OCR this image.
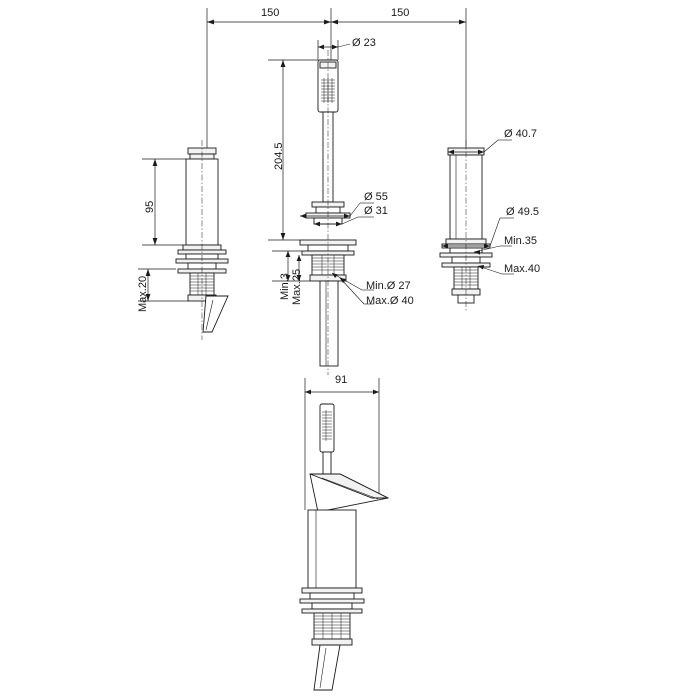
150	150
95
Max.20
Ø 23
204.5
Ø 55
Ø 31
Min.3 Max.25	Min.Ø 27
Max.Ø 40
Ø 40.7
Ø 49.5
Min.35
Max.40
91
